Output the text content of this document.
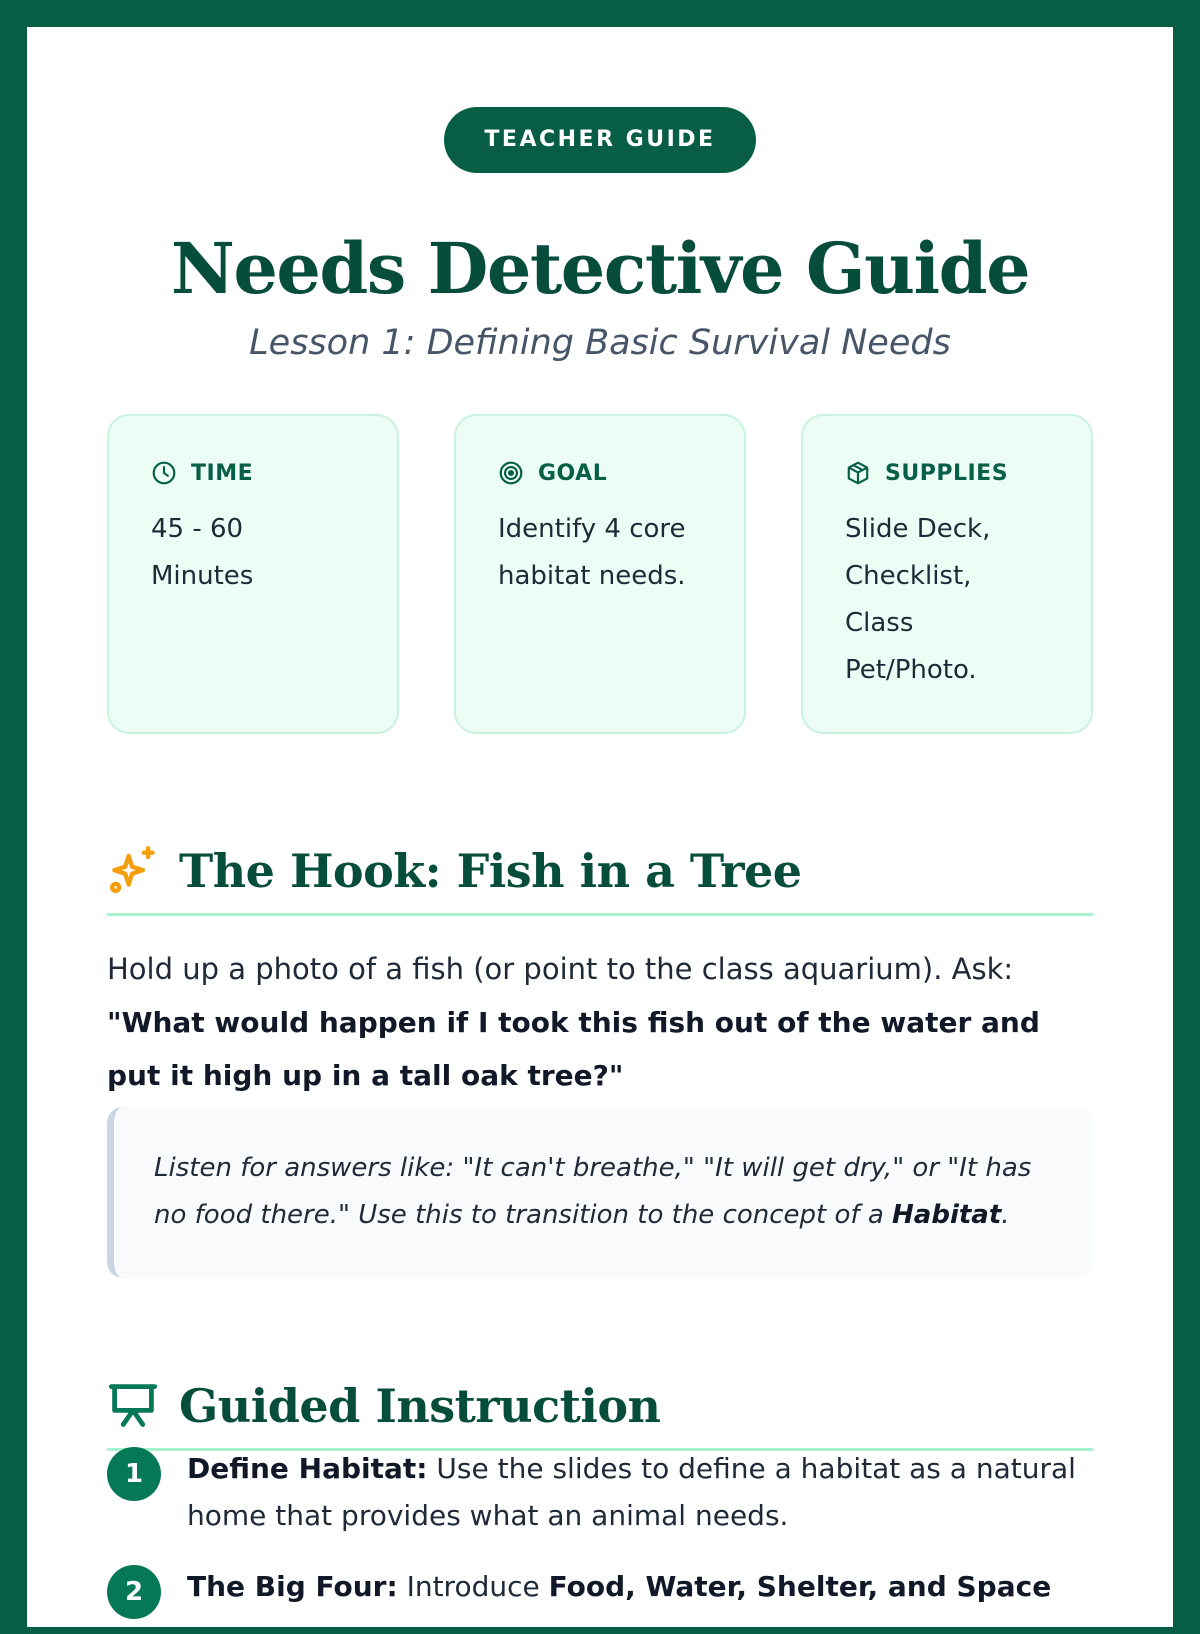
TEACHER GUIDE
Needs Detective Guide
Lesson 1: Defining Basic Survival Needs
TIME
45 - 60 Minutes
GOAL
Identify 4 core habitat needs.
SUPPLIES
Slide Deck, Checklist, Class Pet/Photo.
The Hook: Fish in a Tree

Hold up a photo of a fish (or point to the class aquarium). Ask:
"What would happen if I took this fish out of the water and put it high up in a tall oak tree?"

Listen for answers like: "It can't breathe," "It will get dry," or "It has no food there." Use this to transition to the concept of a Habitat.
Guided Instruction
1	Define Habitat: Use the slides to define a habitat as a natural home that provides what an animal needs.
2	The Big Four: Introduce Food, Water, Shelter, and Space
